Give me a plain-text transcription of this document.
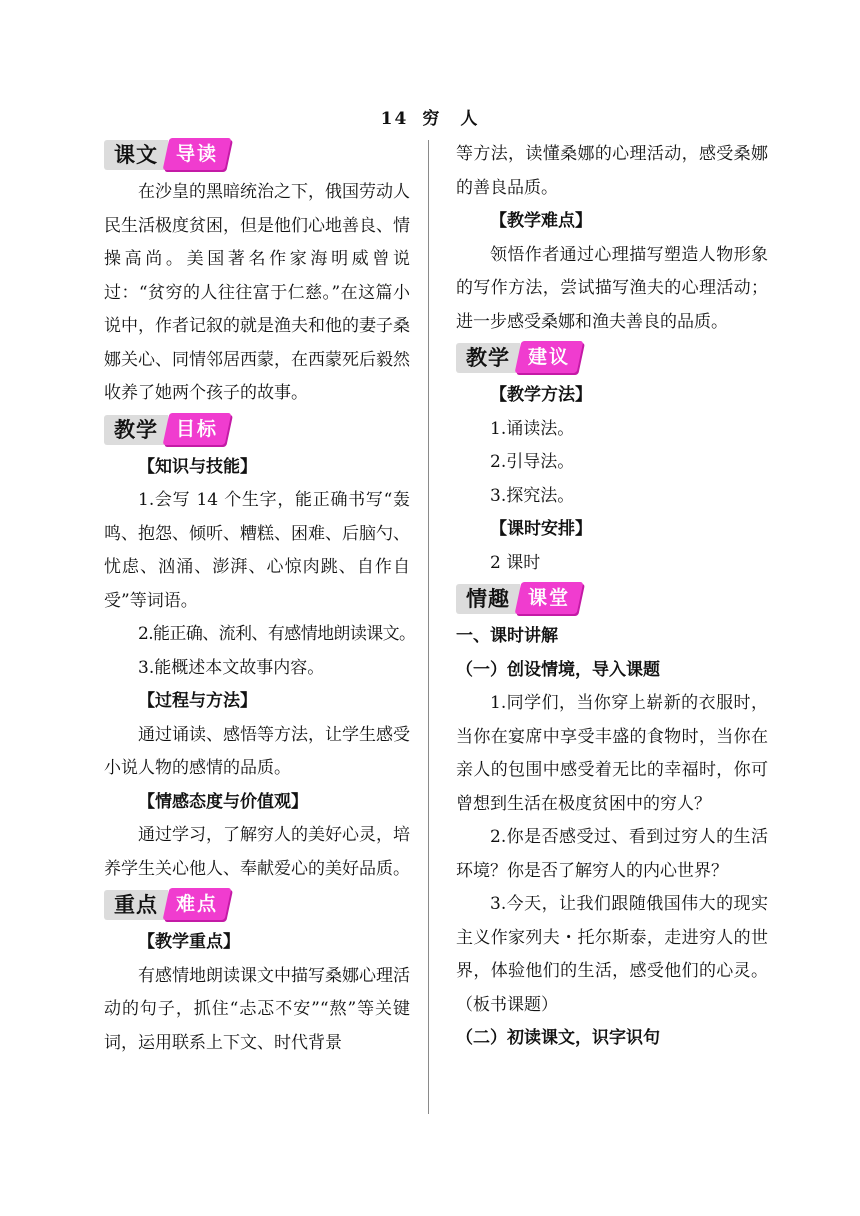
14 穷　人
课文 导读

在沙皇的黑暗统治之下，俄国劳动人民生活极度贫困，但是他们心地善良、情操高尚。美国著名作家海明威曾说过：“贫穷的人往往富于仁慈。”在这篇小说中，作者记叙的就是渔夫和他的妻子桑娜关心、同情邻居西蒙，在西蒙死后毅然收养了她两个孩子的故事。

教学 目标

【知识与技能】

1.会写 14 个生字，能正确书写“轰鸣、抱怨、倾听、糟糕、困难、后脑勺、忧虑、汹涌、澎湃、心惊肉跳、自作自受”等词语。

2.能正确、流利、有感情地朗读课文。

3.能概述本文故事内容。

【过程与方法】

通过诵读、感悟等方法，让学生感受小说人物的感情的品质。

【情感态度与价值观】

通过学习，了解穷人的美好心灵，培养学生关心他人、奉献爱心的美好品质。

重点 难点

【教学重点】

有感情地朗读课文中描写桑娜心理活动的句子，抓住“忐忑不安”“熬”等关键词，运用联系上下文、时代背景

等方法，读懂桑娜的心理活动，感受桑娜的善良品质。

【教学难点】

领悟作者通过心理描写塑造人物形象的写作方法，尝试描写渔夫的心理活动；进一步感受桑娜和渔夫善良的品质。

教学 建议

【教学方法】

1.诵读法。

2.引导法。

3.探究法。

【课时安排】

2 课时

情趣 课堂

一、课时讲解

（一）创设情境，导入课题

1.同学们，当你穿上崭新的衣服时，当你在宴席中享受丰盛的食物时，当你在亲人的包围中感受着无比的幸福时，你可曾想到生活在极度贫困中的穷人？

2.你是否感受过、看到过穷人的生活环境？你是否了解穷人的内心世界？

3.今天，让我们跟随俄国伟大的现实主义作家列夫・托尔斯泰，走进穷人的世界，体验他们的生活，感受他们的心灵。（板书课题）

（二）初读课文，识字识句
